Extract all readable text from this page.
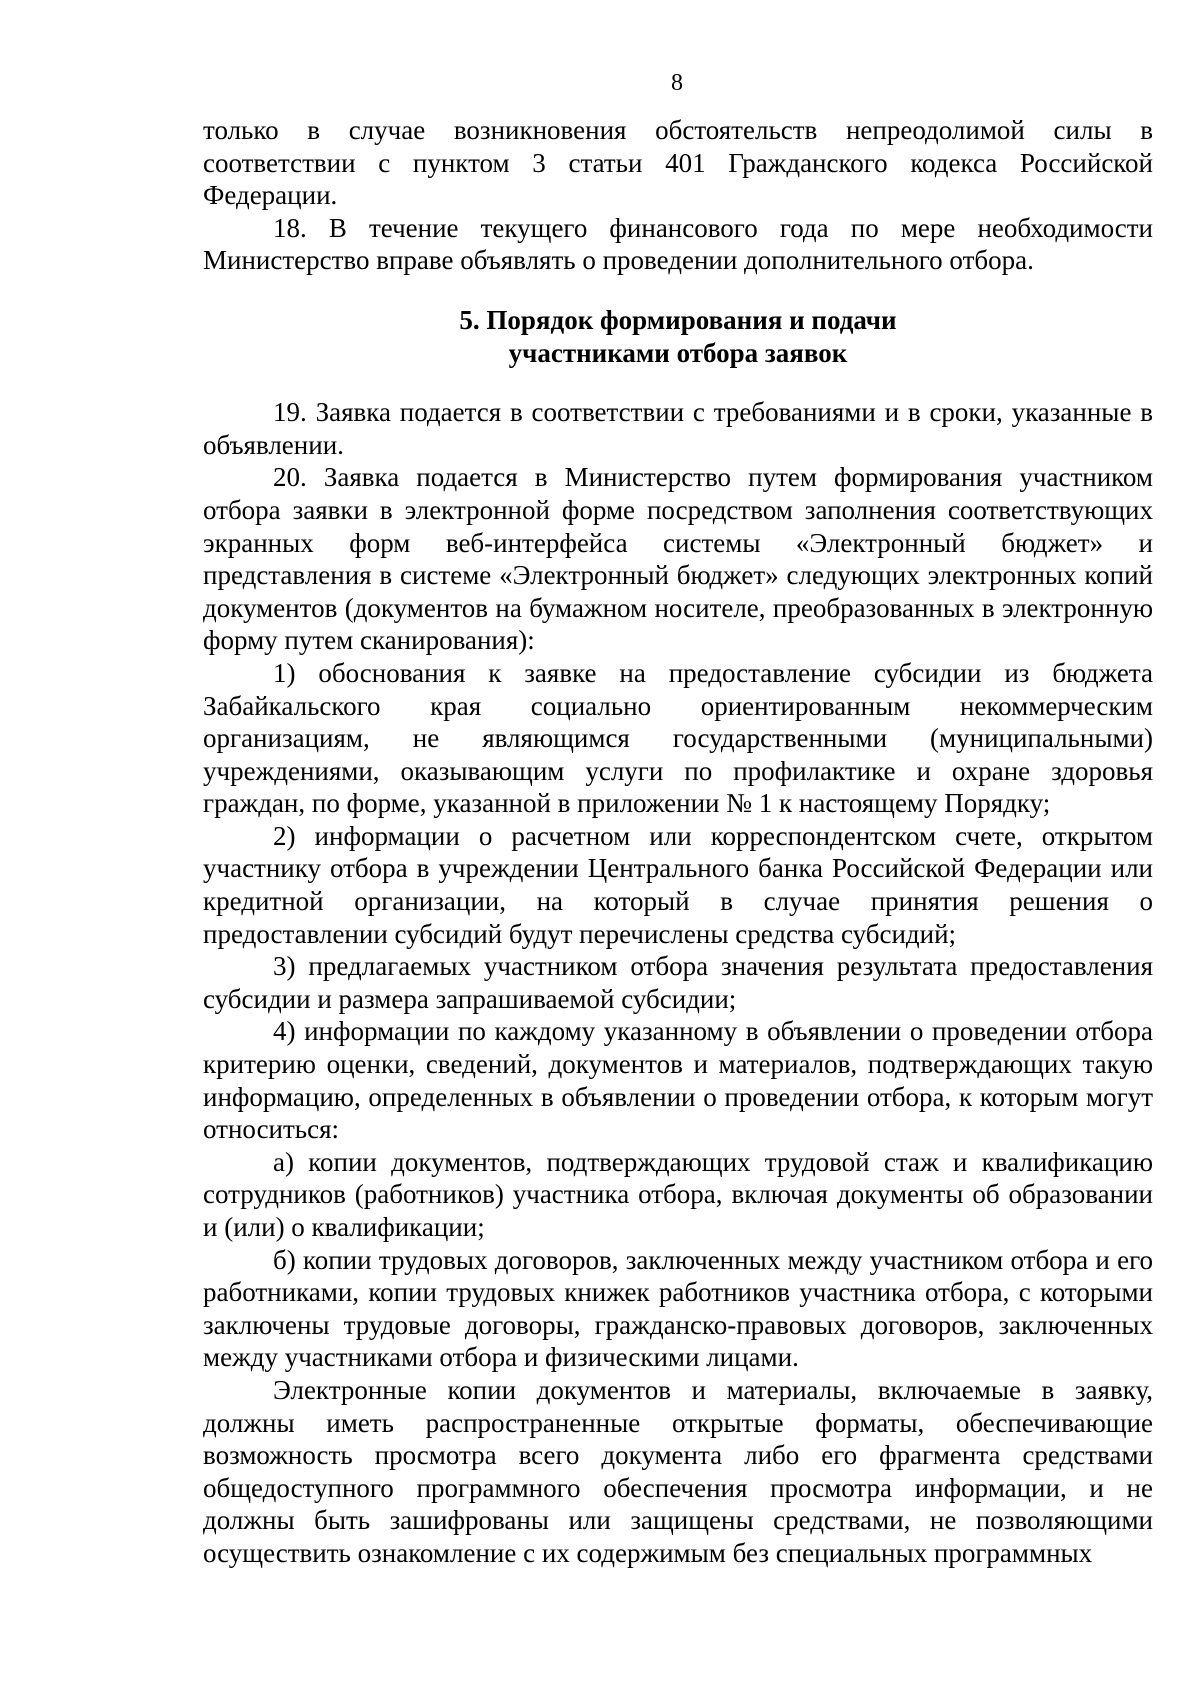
8

только в случае возникновения обстоятельств непреодолимой силы в соответствии с пунктом 3 статьи 401 Гражданского кодекса Российской Федерации.

18. В течение текущего финансового года по мере необходимости Министерство вправе объявлять о проведении дополнительного отбора.

5. Порядок формирования и подачи
участниками отбора заявок

19. Заявка подается в соответствии с требованиями и в сроки, указанные в объявлении.

20. Заявка подается в Министерство путем формирования участником отбора заявки в электронной форме посредством заполнения соответствующих экранных форм веб-интерфейса системы «Электронный бюджет» и представления в системе «Электронный бюджет» следующих электронных копий документов (документов на бумажном носителе, преобразованных в электронную форму путем сканирования):

1) обоснования к заявке на предоставление субсидии из бюджета Забайкальского края социально ориентированным некоммерческим организациям, не являющимся государственными (муниципальными) учреждениями, оказывающим услуги по профилактике и охране здоровья граждан, по форме, указанной в приложении № 1 к настоящему Порядку;

2) информации о расчетном или корреспондентском счете, открытом участнику отбора в учреждении Центрального банка Российской Федерации или кредитной организации, на который в случае принятия решения о предоставлении субсидий будут перечислены средства субсидий;

3) предлагаемых участником отбора значения результата предоставления субсидии и размера запрашиваемой субсидии;

4) информации по каждому указанному в объявлении о проведении отбора критерию оценки, сведений, документов и материалов, подтверждающих такую информацию, определенных в объявлении о проведении отбора, к которым могут относиться:

а) копии документов, подтверждающих трудовой стаж и квалификацию сотрудников (работников) участника отбора, включая документы об образовании и (или) о квалификации;

б) копии трудовых договоров, заключенных между участником отбора и его работниками, копии трудовых книжек работников участника отбора, с которыми заключены трудовые договоры, гражданско-правовых договоров, заключенных между участниками отбора и физическими лицами.

Электронные копии документов и материалы, включаемые в заявку, должны иметь распространенные открытые форматы, обеспечивающие возможность просмотра всего документа либо его фрагмента средствами общедоступного программного обеспечения просмотра информации, и не должны быть зашифрованы или защищены средствами, не позволяющими осуществить ознакомление с их содержимым без специальных программных
